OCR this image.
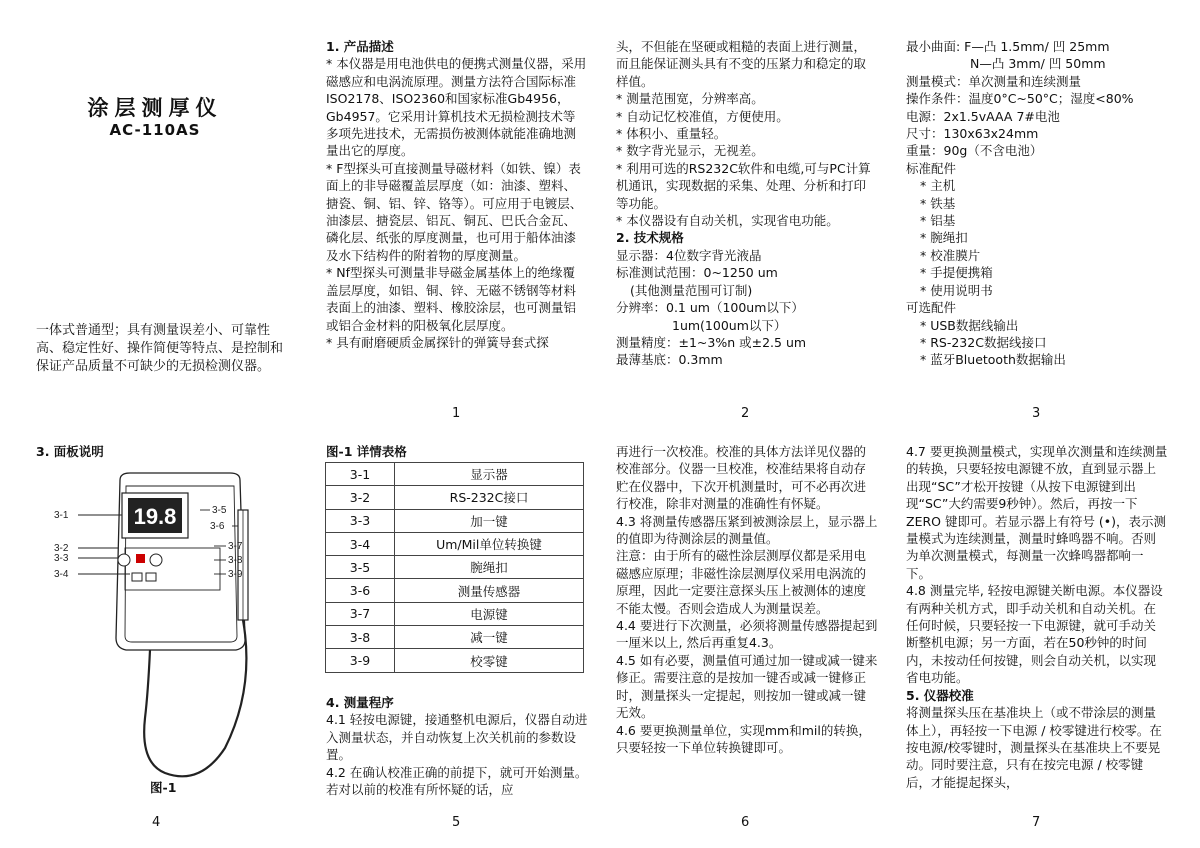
涂层测厚仪
AC-110AS
一体式普通型；具有测量误差小、可靠性高、稳定性好、操作简便等特点、是控制和保证产品质量不可缺少的无损检测仪器。

1. 产品描述

* 本仪器是用电池供电的便携式测量仪器，采用磁感应和电涡流原理。测量方法符合国际标准ISO2178、ISO2360和国家标准Gb4956，Gb4957。它采用计算机技术无损检测技术等多项先进技术，无需损伤被测体就能准确地测量出它的厚度。

* F型探头可直接测量导磁材料（如铁、镍）表面上的非导磁覆盖层厚度（如：油漆、塑料、搪瓷、铜、铝、锌、铬等）。可应用于电镀层、油漆层、搪瓷层、铝瓦、铜瓦、巴氏合金瓦、磷化层、纸张的厚度测量，也可用于船体油漆及水下结构件的附着物的厚度测量。

* Nf型探头可测量非导磁金属基体上的绝缘覆盖层厚度，如铝、铜、锌、无磁不锈钢等材料表面上的油漆、塑料、橡胶涂层，也可测量铝或铝合金材料的阳极氧化层厚度。

* 具有耐磨硬质金属探针的弹簧导套式探

头，不但能在坚硬或粗糙的表面上进行测量，而且能保证测头具有不变的压紧力和稳定的取样值。

* 测量范围宽，分辨率高。

* 自动记忆校准值，方便使用。

* 体积小、重量轻。

* 数字背光显示，无视差。

* 利用可选的RS232C软件和电缆,可与PC计算机通讯，实现数据的采集、处理、分析和打印等功能。

* 本仪器设有自动关机，实现省电功能。

2. 技术规格

显示器：4位数字背光液晶

标准测试范围：0~1250 um

(其他测量范围可订制)

分辨率：0.1 um（100um以下）

1um(100um以下）

测量精度：±1~3%n 或±2.5 um

最薄基底：0.3mm

最小曲面: F—凸 1.5mm/ 凹 25mm

N—凸 3mm/ 凹 50mm

测量模式：单次测量和连续测量

操作条件：温度0°C~50°C；湿度<80%

电源：2x1.5vAAA 7#电池

尺寸：130x63x24mm

重量：90g（不含电池）

标准配件

* 主机

* 铁基

* 铝基

* 腕绳扣

* 校准膜片

* 手提便携箱

* 使用说明书

可选配件

* USB数据线输出

* RS-232C数据线接口

* 蓝牙Bluetooth数据输出

3. 面板说明
19.8
3-1
3-2
3-3
3-4
3-5
3-6
3-7
3-8
3-9
图-1
图-1 详情表格
3-1	显示器
3-2	RS-232C接口
3-3	加一键
3-4	Um/Mil单位转换键
3-5	腕绳扣
3-6	测量传感器
3-7	电源键
3-8	减一键
3-9	校零键

4. 测量程序

4.1 轻按电源键，接通整机电源后，仪器自动进入测量状态，并自动恢复上次关机前的参数设置。

4.2 在确认校准正确的前提下，就可开始测量。若对以前的校准有所怀疑的话，应

再进行一次校准。校准的具体方法详见仪器的校准部分。仪器一旦校准，校准结果将自动存贮在仪器中，下次开机测量时，可不必再次进行校准，除非对测量的准确性有怀疑。

4.3 将测量传感器压紧到被测涂层上，显示器上的值即为待测涂层的测量值。

注意：由于所有的磁性涂层测厚仪都是采用电磁感应原理；非磁性涂层测厚仪采用电涡流的原理，因此一定要注意探头压上被测体的速度不能太慢。否则会造成人为测量误差。

4.4 要进行下次测量，必须将测量传感器提起到一厘米以上, 然后再重复4.3。

4.5 如有必要，测量值可通过加一键或减一键来修正。需要注意的是按加一键否或减一键修正时，测量探头一定提起，则按加一键或减一键无效。

4.6 要更换测量单位，实现mm和mil的转换，只要轻按一下单位转换键即可。

4.7 要更换测量模式，实现单次测量和连续测量的转换，只要轻按电源键不放，直到显示器上出现“SC”才松开按键（从按下电源键到出现“SC”大约需要9秒钟）。然后，再按一下 ZERO 键即可。若显示器上有符号 (•)，表示测量模式为连续测量，测量时蜂鸣器不响。否则为单次测量模式，每测量一次蜂鸣器都响一下。

4.8 测量完毕, 轻按电源键关断电源。本仪器设有两种关机方式，即手动关机和自动关机。在任何时候，只要轻按一下电源键，就可手动关断整机电源；另一方面，若在50秒钟的时间内，未按动任何按键，则会自动关机，以实现省电功能。

5. 仪器校准

将测量探头压在基准块上（或不带涂层的测量体上），再轻按一下电源 / 校零键进行校零。在按电源/校零键时，测量探头在基准块上不要晃动。同时要注意，只有在按完电源 / 校零键后，才能提起探头，

1	2	3
4	5	6	7
